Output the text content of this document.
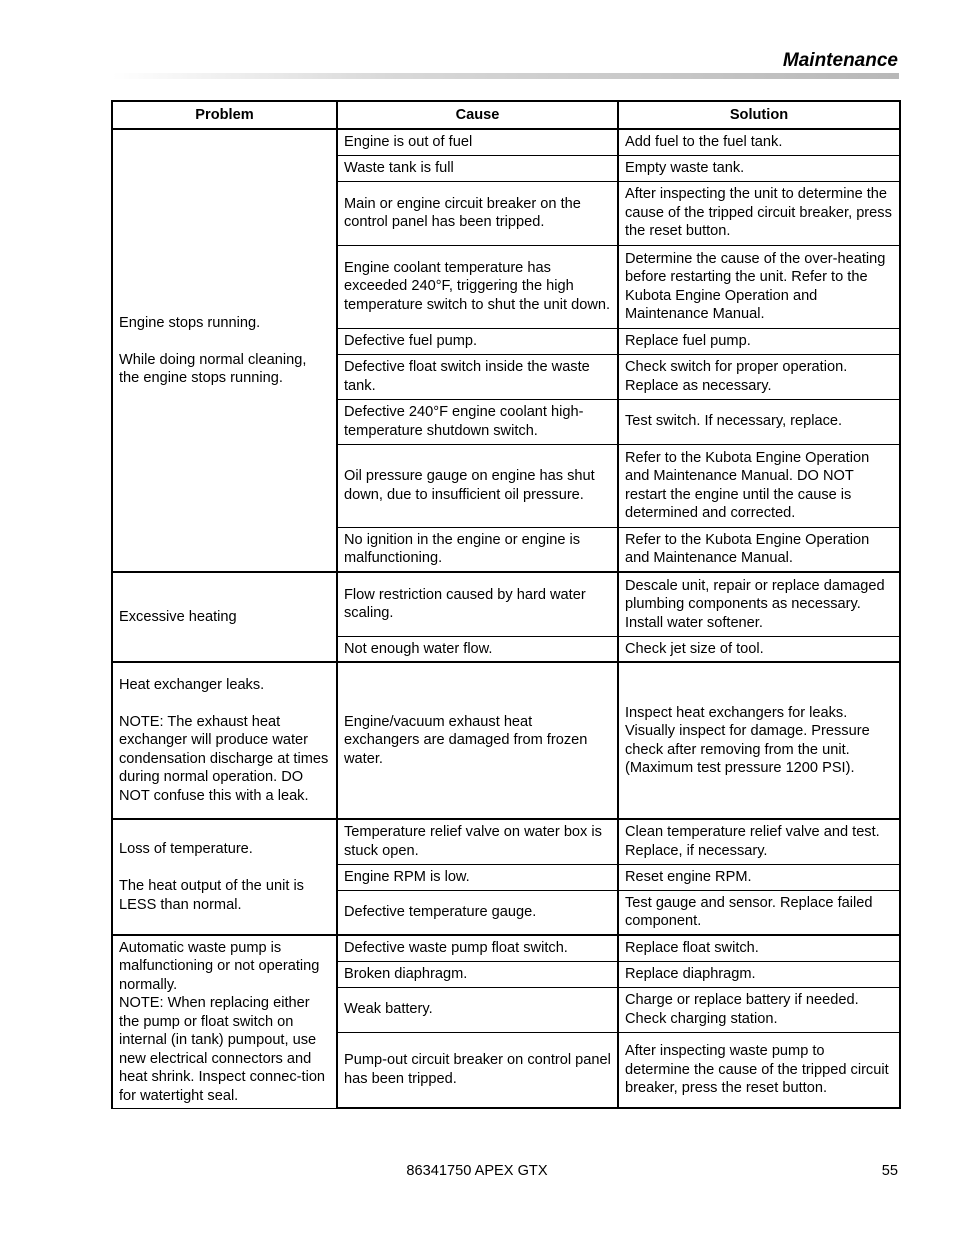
Maintenance
Problem	Cause	Solution

Engine stops running.
While doing normal cleaning, the engine stops running.	Engine is out of fuel	Add fuel to the fuel tank.
	Waste tank is full	Empty waste tank.
	Main or engine circuit breaker on the control panel has been tripped.	After inspecting the unit to determine the cause of the tripped circuit breaker, press the reset button.
	Engine coolant temperature has exceeded 240°F, triggering the high temperature switch to shut the unit down.	Determine the cause of the over-heating before restarting the unit. Refer to the Kubota Engine Operation and Maintenance Manual.
	Defective fuel pump.	Replace fuel pump.
	Defective float switch inside the waste tank.	Check switch for proper operation. Replace as necessary.
	Defective 240°F engine coolant high-temperature shutdown switch.	Test switch. If necessary, replace.
	Oil pressure gauge on engine has shut down, due to insufficient oil pressure.	Refer to the Kubota Engine Operation and Maintenance Manual. DO NOT restart the engine until the cause is determined and corrected.
	No ignition in the engine or engine is malfunctioning.	Refer to the Kubota Engine Operation and Maintenance Manual.

Excessive heating	Flow restriction caused by hard water scaling.	Descale unit, repair or replace damaged plumbing components as necessary. Install water softener.
	Not enough water flow.	Check jet size of tool.

Heat exchanger leaks.
NOTE: The exhaust heat exchanger will produce water condensation discharge at times during normal operation. DO NOT confuse this with a leak.	Engine/vacuum exhaust heat exchangers are damaged from frozen water.	Inspect heat exchangers for leaks. Visually inspect for damage. Pressure check after removing from the unit. (Maximum test pressure 1200 PSI).

Loss of temperature.
The heat output of the unit is LESS than normal.	Temperature relief valve on water box is stuck open.	Clean temperature relief valve and test. Replace, if necessary.
	Engine RPM is low.	Reset engine RPM.
	Defective temperature gauge.	Test gauge and sensor. Replace failed component.

Automatic waste pump is malfunctioning or not operating normally.
NOTE: When replacing either the pump or float switch on internal (in tank) pumpout, use new electrical connectors and heat shrink. Inspect connec-tion for watertight seal.	Defective waste pump float switch.	Replace float switch.
	Broken diaphragm.	Replace diaphragm.
	Weak battery.	Charge or replace battery if needed. Check charging station.
	Pump-out circuit breaker on control panel has been tripped.	After inspecting waste pump to determine the cause of the tripped circuit breaker, press the reset button.
86341750 APEX GTX	55
